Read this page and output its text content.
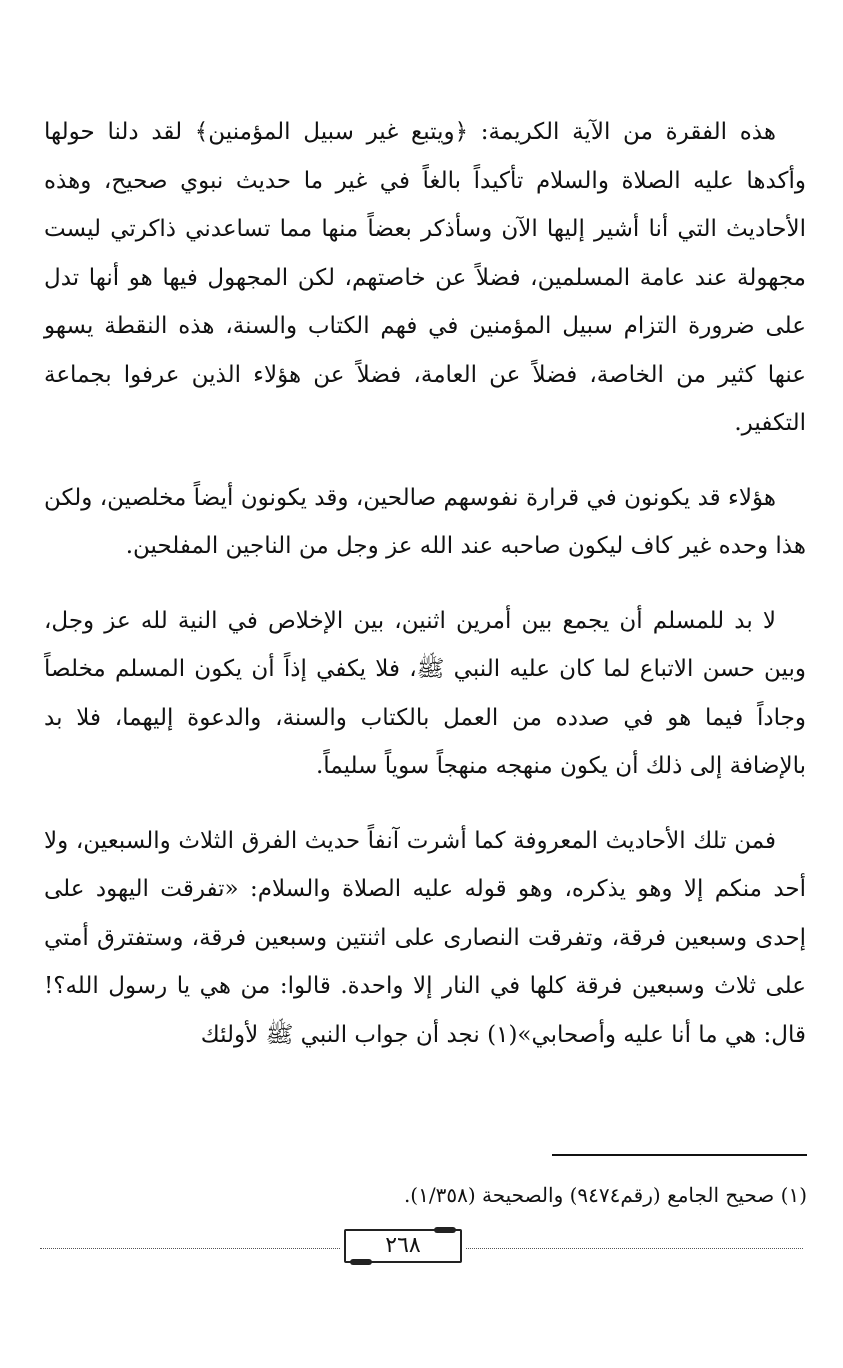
هذه الفقرة من الآية الكريمة: ﴿ويتبع غير سبيل المؤمنين﴾ لقد دلنا حولها وأكدها عليه الصلاة والسلام تأكيداً بالغاً في غير ما حديث نبوي صحيح، وهذه الأحاديث التي أنا أشير إليها الآن وسأذكر بعضاً منها مما تساعدني ذاكرتي ليست مجهولة عند عامة المسلمين، فضلاً عن خاصتهم، لكن المجهول فيها هو أنها تدل على ضرورة التزام سبيل المؤمنين في فهم الكتاب والسنة، هذه النقطة يسهو عنها كثير من الخاصة، فضلاً عن العامة، فضلاً عن هؤلاء الذين عرفوا بجماعة التكفير.

هؤلاء قد يكونون في قرارة نفوسهم صالحين، وقد يكونون أيضاً مخلصين، ولكن هذا وحده غير كاف ليكون صاحبه عند الله عز وجل من الناجين المفلحين.

لا بد للمسلم أن يجمع بين أمرين اثنين، بين الإخلاص في النية لله عز وجل، وبين حسن الاتباع لما كان عليه النبي ﷺ، فلا يكفي إذاً أن يكون المسلم مخلصاً وجاداً فيما هو في صدده من العمل بالكتاب والسنة، والدعوة إليهما، فلا بد بالإضافة إلى ذلك أن يكون منهجه منهجاً سوياً سليماً.

فمن تلك الأحاديث المعروفة كما أشرت آنفاً حديث الفرق الثلاث والسبعين، ولا أحد منكم إلا وهو يذكره، وهو قوله عليه الصلاة والسلام: «تفرقت اليهود على إحدى وسبعين فرقة، وتفرقت النصارى على اثنتين وسبعين فرقة، وستفترق أمتي على ثلاث وسبعين فرقة كلها في النار إلا واحدة. قالوا: من هي يا رسول الله؟! قال: هي ما أنا عليه وأصحابي»(١) نجد أن جواب النبي ﷺ لأولئك

(١) صحيح الجامع (رقم٩٤٧٤) والصحيحة (١/٣٥٨).
٢٦٨
